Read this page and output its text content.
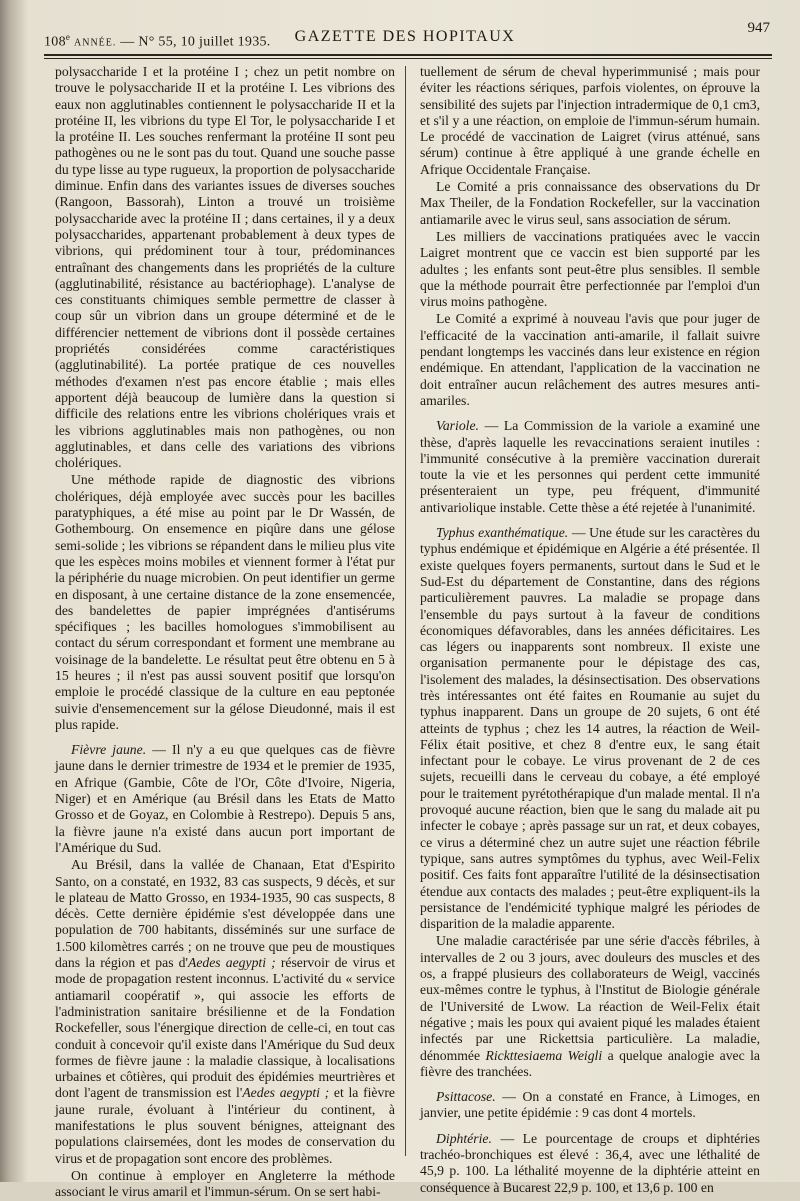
108e ANNÉE. — N° 55, 10 juillet 1935.	GAZETTE DES HOPITAUX	947

polysaccharide I et la protéine I ; chez un petit nombre on trouve le polysaccharide II et la protéine I. Les vibrions des eaux non agglutinables contiennent le polysaccharide II et la protéine II, les vibrions du type El Tor, le polysaccharide I et la protéine II. Les souches renfermant la protéine II sont peu pathogènes ou ne le sont pas du tout. Quand une souche passe du type lisse au type rugueux, la proportion de polysaccharide diminue. Enfin dans des variantes issues de diverses souches (Rangoon, Bassorah), Linton a trouvé un troisième polysaccharide avec la protéine II ; dans certaines, il y a deux polysaccharides, appartenant probablement à deux types de vibrions, qui prédominent tour à tour, prédominances entraînant des changements dans les propriétés de la culture (agglutinabilité, résistance au bactériophage). L'analyse de ces constituants chimiques semble permettre de classer à coup sûr un vibrion dans un groupe déterminé et de le différencier nettement de vibrions dont il possède certaines propriétés considérées comme caractéristiques (agglutinabilité). La portée pratique de ces nouvelles méthodes d'examen n'est pas encore établie ; mais elles apportent déjà beaucoup de lumière dans la question si difficile des relations entre les vibrions cholériques vrais et les vibrions agglutinables mais non pathogènes, ou non agglutinables, et dans celle des variations des vibrions cholériques.

Une méthode rapide de diagnostic des vibrions cholériques, déjà employée avec succès pour les bacilles paratyphiques, a été mise au point par le Dr Wassén, de Gothembourg. On ensemence en piqûre dans une gélose semi-solide ; les vibrions se répandent dans le milieu plus vite que les espèces moins mobiles et viennent former à l'état pur la périphérie du nuage microbien. On peut identifier un germe en disposant, à une certaine distance de la zone ensemencée, des bandelettes de papier imprégnées d'antisérums spécifiques ; les bacilles homologues s'immobilisent au contact du sérum correspondant et forment une membrane au voisinage de la bandelette. Le résultat peut être obtenu en 5 à 15 heures ; il n'est pas aussi souvent positif que lorsqu'on emploie le procédé classique de la culture en eau peptonée suivie d'ensemencement sur la gélose Dieudonné, mais il est plus rapide.

Fièvre jaune. — Il n'y a eu que quelques cas de fièvre jaune dans le dernier trimestre de 1934 et le premier de 1935, en Afrique (Gambie, Côte de l'Or, Côte d'Ivoire, Nigeria, Niger) et en Amérique (au Brésil dans les Etats de Matto Grosso et de Goyaz, en Colombie à Restrepo). Depuis 5 ans, la fièvre jaune n'a existé dans aucun port important de l'Amérique du Sud.

Au Brésil, dans la vallée de Chanaan, Etat d'Espirito Santo, on a constaté, en 1932, 83 cas suspects, 9 décès, et sur le plateau de Matto Grosso, en 1934-1935, 90 cas suspects, 8 décès. Cette dernière épidémie s'est développée dans une population de 700 habitants, disséminés sur une surface de 1.500 kilomètres carrés ; on ne trouve que peu de moustiques dans la région et pas d'Aedes aegypti ; réservoir de virus et mode de propagation restent inconnus. L'activité du « service antiamaril coopératif », qui associe les efforts de l'administration sanitaire brésilienne et de la Fondation Rockefeller, sous l'énergique direction de celle-ci, en tout cas conduit à concevoir qu'il existe dans l'Amérique du Sud deux formes de fièvre jaune : la maladie classique, à localisations urbaines et côtières, qui produit des épidémies meurtrières et dont l'agent de transmission est l'Aedes aegypti ; et la fièvre jaune rurale, évoluant à l'intérieur du continent, à manifestations le plus souvent bénignes, atteignant des populations clairsemées, dont les modes de conservation du virus et de propagation sont encore des problèmes.

On continue à employer en Angleterre la méthode associant le virus amaril et l'immun-sérum. On se sert habi-

tuellement de sérum de cheval hyperimmunisé ; mais pour éviter les réactions sériques, parfois violentes, on éprouve la sensibilité des sujets par l'injection intradermique de 0,1 cm3, et s'il y a une réaction, on emploie de l'immun-sérum humain. Le procédé de vaccination de Laigret (virus atténué, sans sérum) continue à être appliqué à une grande échelle en Afrique Occidentale Française.

Le Comité a pris connaissance des observations du Dr Max Theiler, de la Fondation Rockefeller, sur la vaccination antiamarile avec le virus seul, sans association de sérum.

Les milliers de vaccinations pratiquées avec le vaccin Laigret montrent que ce vaccin est bien supporté par les adultes ; les enfants sont peut-être plus sensibles. Il semble que la méthode pourrait être perfectionnée par l'emploi d'un virus moins pathogène.

Le Comité a exprimé à nouveau l'avis que pour juger de l'efficacité de la vaccination anti-amarile, il fallait suivre pendant longtemps les vaccinés dans leur existence en région endémique. En attendant, l'application de la vaccination ne doit entraîner aucun relâchement des autres mesures anti-amariles.

Variole. — La Commission de la variole a examiné une thèse, d'après laquelle les revaccinations seraient inutiles : l'immunité consécutive à la première vaccination durerait toute la vie et les personnes qui perdent cette immunité présenteraient un type, peu fréquent, d'immunité antivariolique instable. Cette thèse a été rejetée à l'unanimité.

Typhus exanthématique. — Une étude sur les caractères du typhus endémique et épidémique en Algérie a été présentée. Il existe quelques foyers permanents, surtout dans le Sud et le Sud-Est du département de Constantine, dans des régions particulièrement pauvres. La maladie se propage dans l'ensemble du pays surtout à la faveur de conditions économiques défavorables, dans les années déficitaires. Les cas légers ou inapparents sont nombreux. Il existe une organisation permanente pour le dépistage des cas, l'isolement des malades, la désinsectisation. Des observations très intéressantes ont été faites en Roumanie au sujet du typhus inapparent. Dans un groupe de 20 sujets, 6 ont été atteints de typhus ; chez les 14 autres, la réaction de Weil-Félix était positive, et chez 8 d'entre eux, le sang était infectant pour le cobaye. Le virus provenant de 2 de ces sujets, recueilli dans le cerveau du cobaye, a été employé pour le traitement pyrétothérapique d'un malade mental. Il n'a provoqué aucune réaction, bien que le sang du malade ait pu infecter le cobaye ; après passage sur un rat, et deux cobayes, ce virus a déterminé chez un autre sujet une réaction fébrile typique, sans autres symptômes du typhus, avec Weil-Felix positif. Ces faits font apparaître l'utilité de la désinsectisation étendue aux contacts des malades ; peut-être expliquent-ils la persistance de l'endémicité typhique malgré les périodes de disparition de la maladie apparente.

Une maladie caractérisée par une série d'accès fébriles, à intervalles de 2 ou 3 jours, avec douleurs des muscles et des os, a frappé plusieurs des collaborateurs de Weigl, vaccinés eux-mêmes contre le typhus, à l'Institut de Biologie générale de l'Université de Lwow. La réaction de Weil-Felix était négative ; mais les poux qui avaient piqué les malades étaient infectés par une Rickettsia particulière. La maladie, dénommée Rickttesiaema Weigli a quelque analogie avec la fièvre des tranchées.

Psittacose. — On a constaté en France, à Limoges, en janvier, une petite épidémie : 9 cas dont 4 mortels.

Diphtérie. — Le pourcentage de croups et diphtéries trachéo-bronchiques est élevé : 36,4, avec une léthalité de 45,9 p. 100. La léthalité moyenne de la diphtérie atteint en conséquence à Bucarest 22,9 p. 100, et 13,6 p. 100 en
